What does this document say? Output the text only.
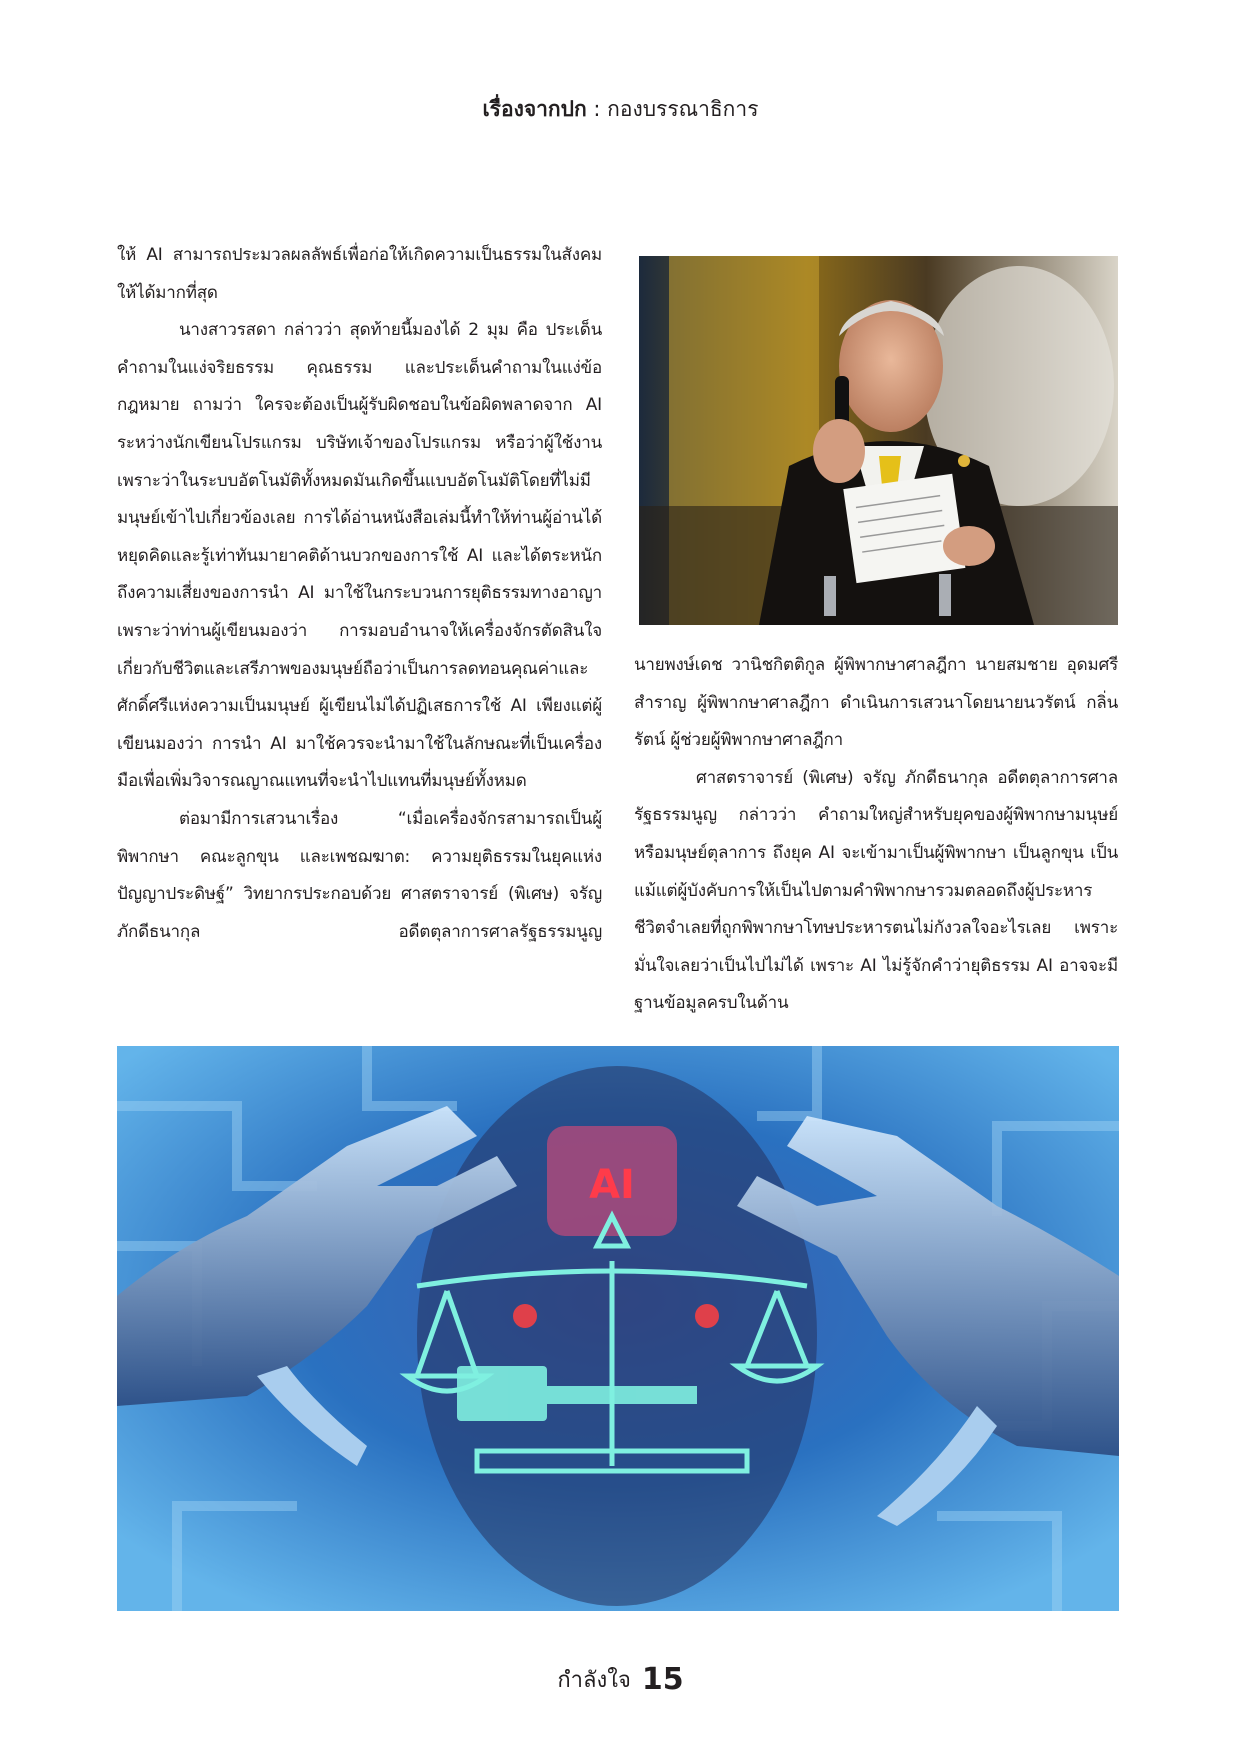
เรื่องจากปก : กองบรรณาธิการ

ให้ AI สามารถประมวลผลลัพธ์เพื่อก่อให้เกิดความเป็นธรรมในสังคมให้ได้มากที่สุด

นางสาวรสดา กล่าวว่า สุดท้ายนี้มองได้ 2 มุม คือ ประเด็นคำถามในแง่จริยธรรม คุณธรรม และประเด็นคำถามในแง่ข้อกฎหมาย ถามว่า ใครจะต้องเป็นผู้รับผิดชอบในข้อผิดพลาดจาก AI ระหว่างนักเขียนโปรแกรม บริษัทเจ้าของโปรแกรม หรือว่าผู้ใช้งาน เพราะว่าในระบบอัตโนมัติทั้งหมดมันเกิดขึ้นแบบอัตโนมัติโดยที่ไม่มีมนุษย์เข้าไปเกี่ยวข้องเลย การได้อ่านหนังสือเล่มนี้ทำให้ท่านผู้อ่านได้หยุดคิดและรู้เท่าทันมายาคติด้านบวกของการใช้ AI และได้ตระหนักถึงความเสี่ยงของการนำ AI มาใช้ในกระบวนการยุติธรรมทางอาญา เพราะว่าท่านผู้เขียนมองว่า การมอบอำนาจให้เครื่องจักรตัดสินใจเกี่ยวกับชีวิตและเสรีภาพของมนุษย์ถือว่าเป็นการลดทอนคุณค่าและศักดิ์ศรีแห่งความเป็นมนุษย์ ผู้เขียนไม่ได้ปฏิเสธการใช้ AI เพียงแต่ผู้เขียนมองว่า การนำ AI มาใช้ควรจะนำมาใช้ในลักษณะที่เป็นเครื่องมือเพื่อเพิ่มวิจารณญาณแทนที่จะนำไปแทนที่มนุษย์ทั้งหมด

ต่อมามีการเสวนาเรื่อง “เมื่อเครื่องจักรสามารถเป็นผู้พิพากษา คณะลูกขุน และเพชฌฆาต: ความยุติธรรมในยุคแห่งปัญญาประดิษฐ์” วิทยากรประกอบด้วย ศาสตราจารย์ (พิเศษ) จรัญ ภักดีธนากุล อดีตตุลาการศาลรัฐธรรมนูญ

นายพงษ์เดช วานิชกิตติกูล ผู้พิพากษาศาลฎีกา นายสมชาย อุดมศรีสำราญ ผู้พิพากษาศาลฎีกา ดำเนินการเสวนาโดยนายนวรัตน์ กลิ่นรัตน์ ผู้ช่วยผู้พิพากษาศาลฎีกา

ศาสตราจารย์ (พิเศษ) จรัญ ภักดีธนากุล อดีตตุลาการศาลรัฐธรรมนูญ กล่าวว่า คำถามใหญ่สำหรับยุคของผู้พิพากษามนุษย์ หรือมนุษย์ตุลาการ ถึงยุค AI จะเข้ามาเป็นผู้พิพากษา เป็นลูกขุน เป็นแม้แต่ผู้บังคับการให้เป็นไปตามคำพิพากษารวมตลอดถึงผู้ประหารชีวิตจำเลยที่ถูกพิพากษาโทษประหารตนไม่กังวลใจอะไรเลย เพราะมั่นใจเลยว่าเป็นไปไม่ได้ เพราะ AI ไม่รู้จักคำว่ายุติธรรม AI อาจจะมีฐานข้อมูลครบในด้าน

AI
กำลังใจ 15
